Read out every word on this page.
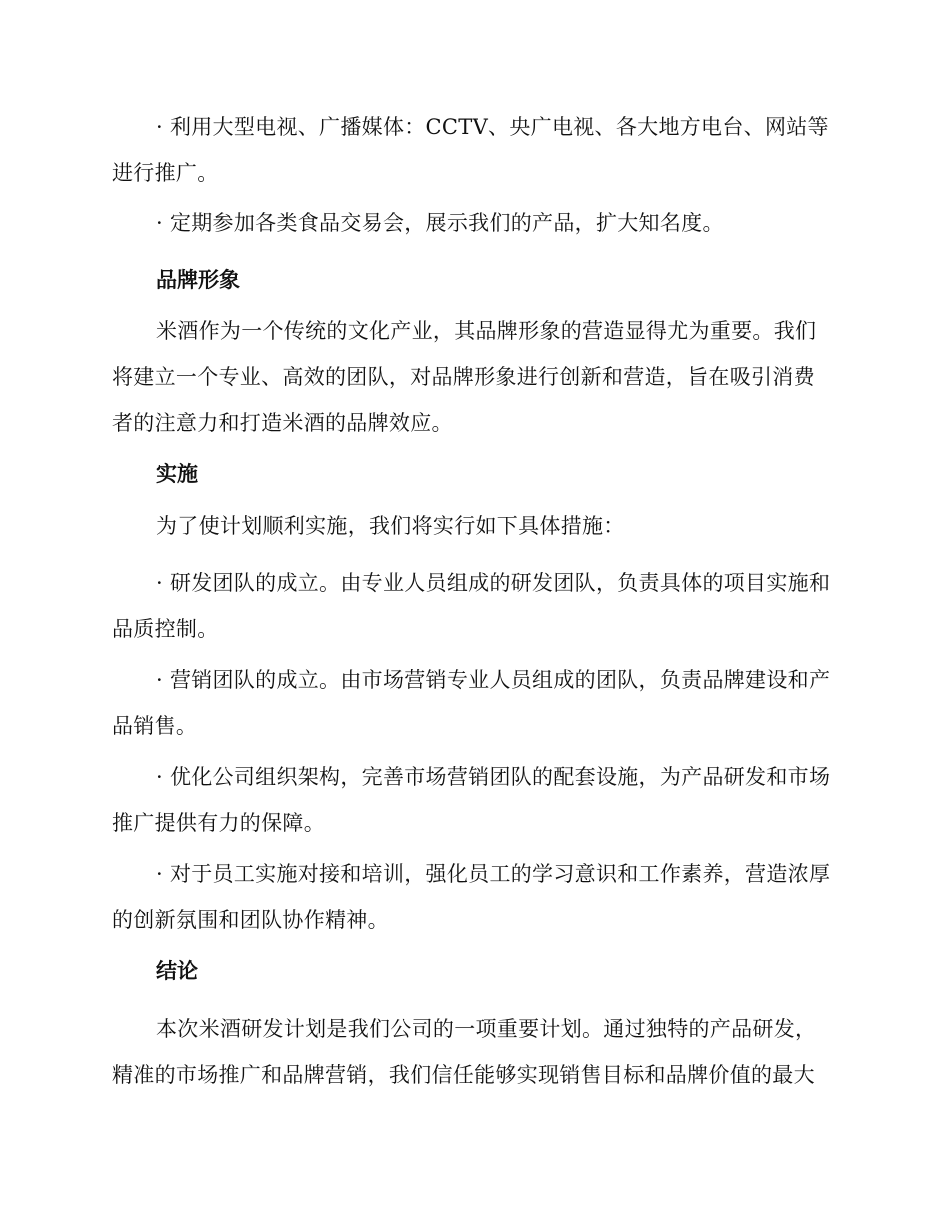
· 利用大型电视、广播媒体：CCTV、央广电视、各大地方电台、网站等进行推广。

· 定期参加各类食品交易会，展示我们的产品，扩大知名度。

品牌形象

米酒作为一个传统的文化产业，其品牌形象的营造显得尤为重要。我们将建立一个专业、高效的团队，对品牌形象进行创新和营造，旨在吸引消费者的注意力和打造米酒的品牌效应。

实施

为了使计划顺利实施，我们将实行如下具体措施：

· 研发团队的成立。由专业人员组成的研发团队，负责具体的项目实施和品质控制。

· 营销团队的成立。由市场营销专业人员组成的团队，负责品牌建设和产品销售。

· 优化公司组织架构，完善市场营销团队的配套设施，为产品研发和市场推广提供有力的保障。

· 对于员工实施对接和培训，强化员工的学习意识和工作素养，营造浓厚的创新氛围和团队协作精神。

结论

本次米酒研发计划是我们公司的一项重要计划。通过独特的产品研发，精准的市场推广和品牌营销，我们信任能够实现销售目标和品牌价值的最大
